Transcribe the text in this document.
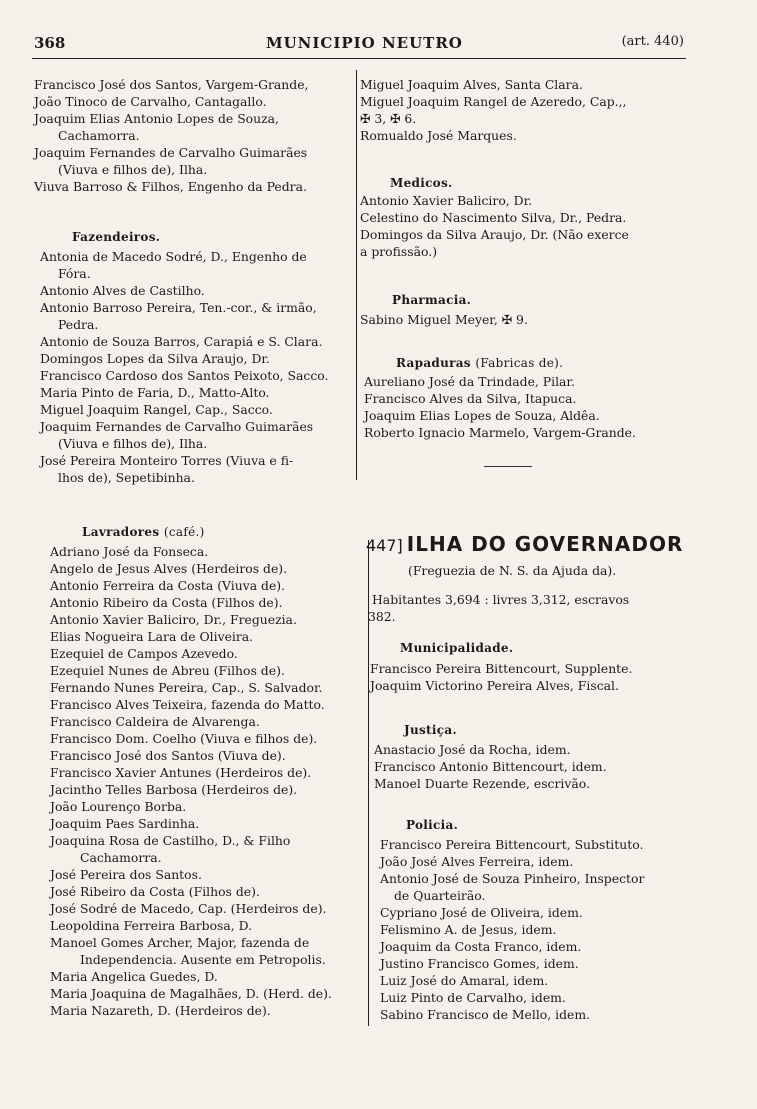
368	MUNICIPIO NEUTRO	(art. 440)
Francisco José dos Santos, Vargem-Grande,
João Tinoco de Carvalho, Cantagallo.
Joaquim Elias Antonio Lopes de Souza,
Cachamorra.
Joaquim Fernandes de Carvalho Guimarães
(Viuva e filhos de), Ilha.
Viuva Barroso & Filhos, Engenho da Pedra.
Fazendeiros.
Antonia de Macedo Sodré, D., Engenho de
Fóra.
Antonio Alves de Castilho.
Antonio Barroso Pereira, Ten.-cor., & irmão,
Pedra.
Antonio de Souza Barros, Carapiá e S. Clara.
Domingos Lopes da Silva Araujo, Dr.
Francisco Cardoso dos Santos Peixoto, Sacco.
Maria Pinto de Faria, D., Matto-Alto.
Miguel Joaquim Rangel, Cap., Sacco.
Joaquim Fernandes de Carvalho Guimarães
(Viuva e filhos de), Ilha.
José Pereira Monteiro Torres (Viuva e fi-
lhos de), Sepetibinha.
Lavradores (café.)
Adriano José da Fonseca.
Angelo de Jesus Alves (Herdeiros de).
Antonio Ferreira da Costa (Viuva de).
Antonio Ribeiro da Costa (Filhos de).
Antonio Xavier Baliciro, Dr., Freguezia.
Elias Nogueira Lara de Oliveira.
Ezequiel de Campos Azevedo.
Ezequiel Nunes de Abreu (Filhos de).
Fernando Nunes Pereira, Cap., S. Salvador.
Francisco Alves Teixeira, fazenda do Matto.
Francisco Caldeira de Alvarenga.
Francisco Dom. Coelho (Viuva e filhos de).
Francisco José dos Santos (Viuva de).
Francisco Xavier Antunes (Herdeiros de).
Jacintho Telles Barbosa (Herdeiros de).
João Lourenço Borba.
Joaquim Paes Sardinha.
Joaquina Rosa de Castilho, D., & Filho
Cachamorra.
José Pereira dos Santos.
José Ribeiro da Costa (Filhos de).
José Sodré de Macedo, Cap. (Herdeiros de).
Leopoldina Ferreira Barbosa, D.
Manoel Gomes Archer, Major, fazenda de
Independencia. Ausente em Petropolis.
Maria Angelica Guedes, D.
Maria Joaquina de Magalhães, D. (Herd. de).
Maria Nazareth, D. (Herdeiros de).
Miguel Joaquim Alves, Santa Clara.
Miguel Joaquim Rangel de Azeredo, Cap.,,
✠ 3, ✠ 6.
Romualdo José Marques.
Medicos.
Antonio Xavier Baliciro, Dr.
Celestino do Nascimento Silva, Dr., Pedra.
Domingos da Silva Araujo, Dr. (Não exerce
a profissão.)
Pharmacia.
Sabino Miguel Meyer, ✠ 9.
Rapaduras (Fabricas de).
Aureliano José da Trindade, Pilar.
Francisco Alves da Silva, Itapuca.
Joaquim Elias Lopes de Souza, Aldêa.
Roberto Ignacio Marmelo, Vargem-Grande.
(Freguezia de N. S. da Ajuda da).
Habitantes 3,694 : livres 3,312, escravos
382.
Municipalidade.
Francisco Pereira Bittencourt, Supplente.
Joaquim Victorino Pereira Alves, Fiscal.
Justiça.
Anastacio José da Rocha, idem.
Francisco Antonio Bittencourt, idem.
Manoel Duarte Rezende, escrivão.
Policia.
Francisco Pereira Bittencourt, Substituto.
João José Alves Ferreira, idem.
Antonio José de Souza Pinheiro, Inspector
de Quarteirão.
Cypriano José de Oliveira, idem.
Felismino A. de Jesus, idem.
Joaquim da Costa Franco, idem.
Justino Francisco Gomes, idem.
Luiz José do Amaral, idem.
Luiz Pinto de Carvalho, idem.
Sabino Francisco de Mello, idem.
447] ILHA DO GOVERNADOR
